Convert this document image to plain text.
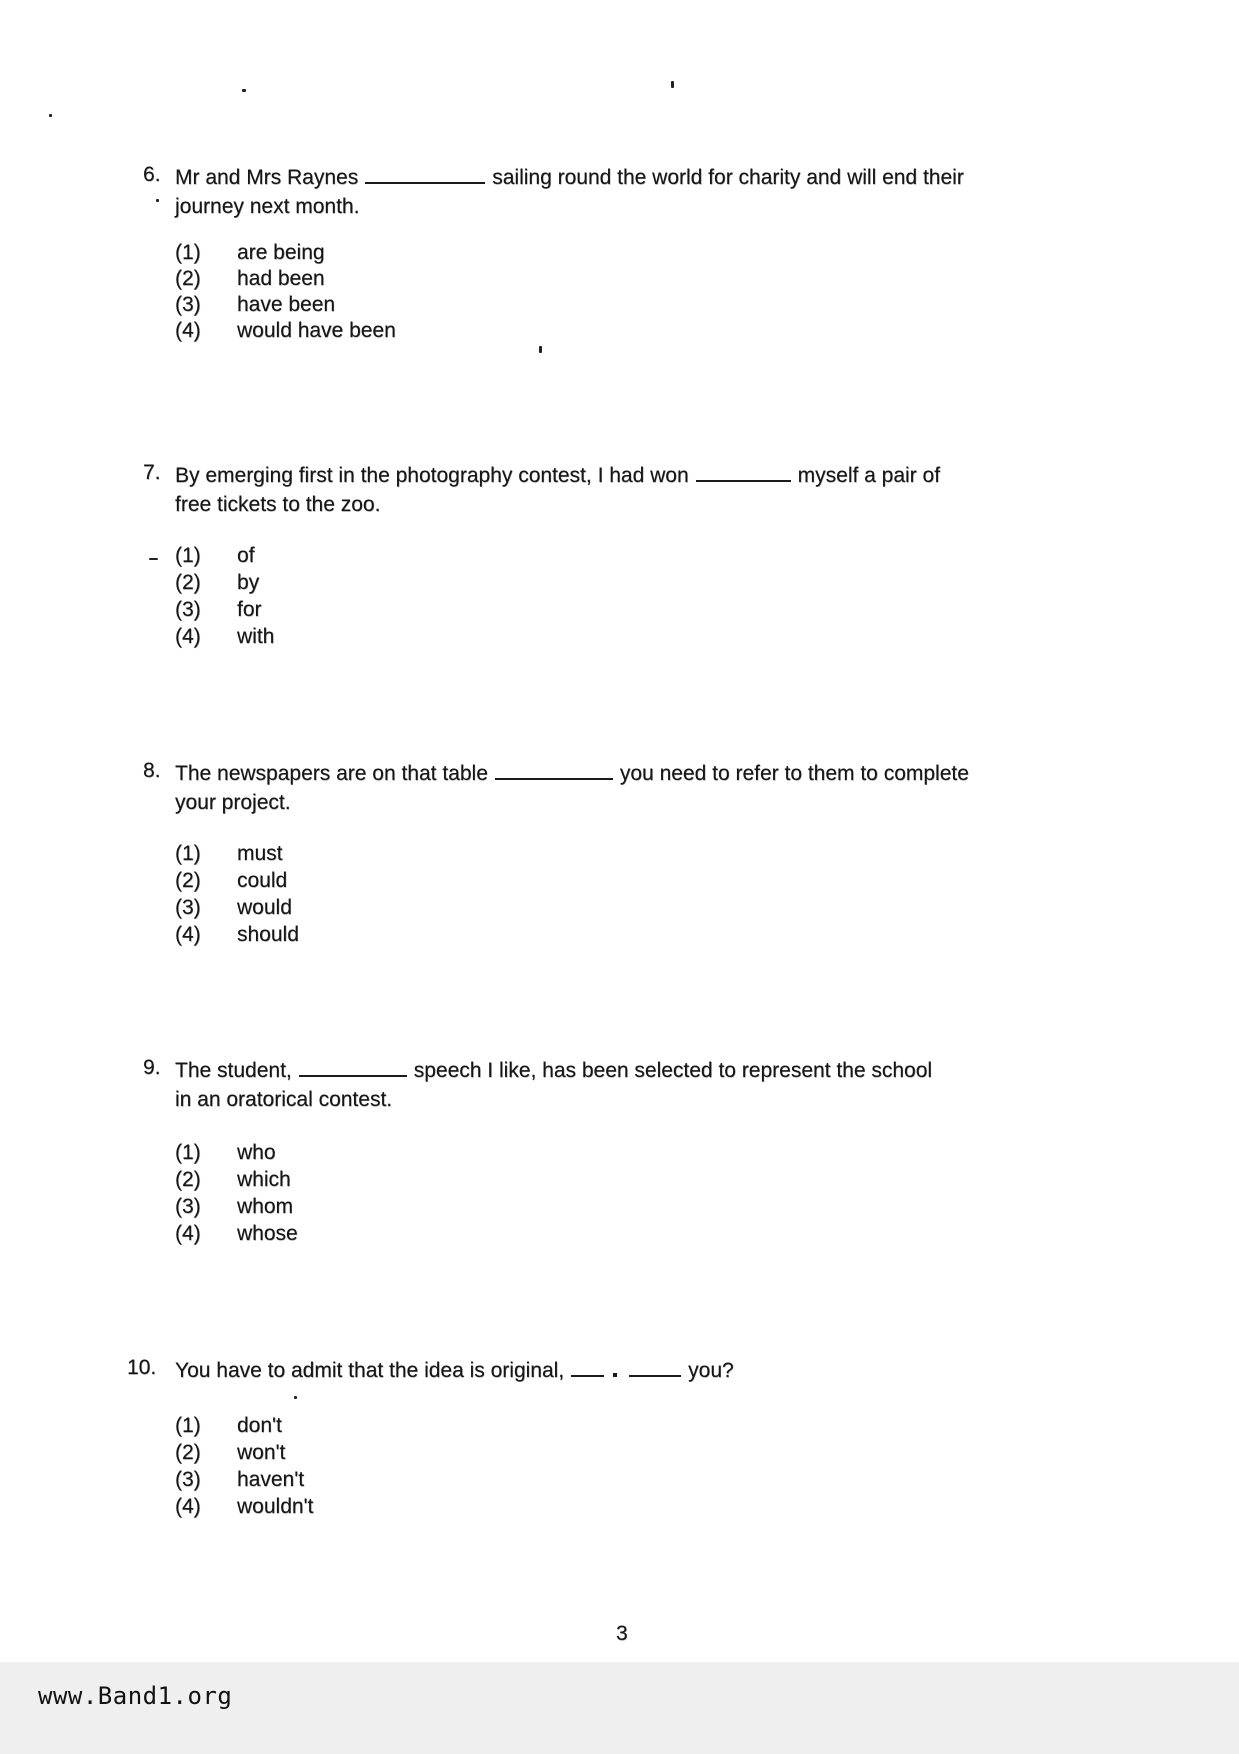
6. Mr and Mrs Raynes	sailing round the world for charity and will end their
journey next month.
(1)	are being
(2)	had been
(3)	have been
(4)	would have been
7. By emerging first in the photography contest, I had won	myself a pair of
free tickets to the zoo.
(1)	of
(2)	by
(3)	for
(4)	with
8. The newspapers are on that table	you need to refer to them to complete
your project.
(1)	must
(2)	could
(3)	would
(4)	should
9. The student,	speech I like, has been selected to represent the school
in an oratorical contest.
(1)	who
(2)	which
(3)	whom
(4)	whose
10. You have to admit that the idea is original,	you?
(1)	don't
(2)	won't
(3)	haven't
(4)	wouldn't
3
www.Band1.org
